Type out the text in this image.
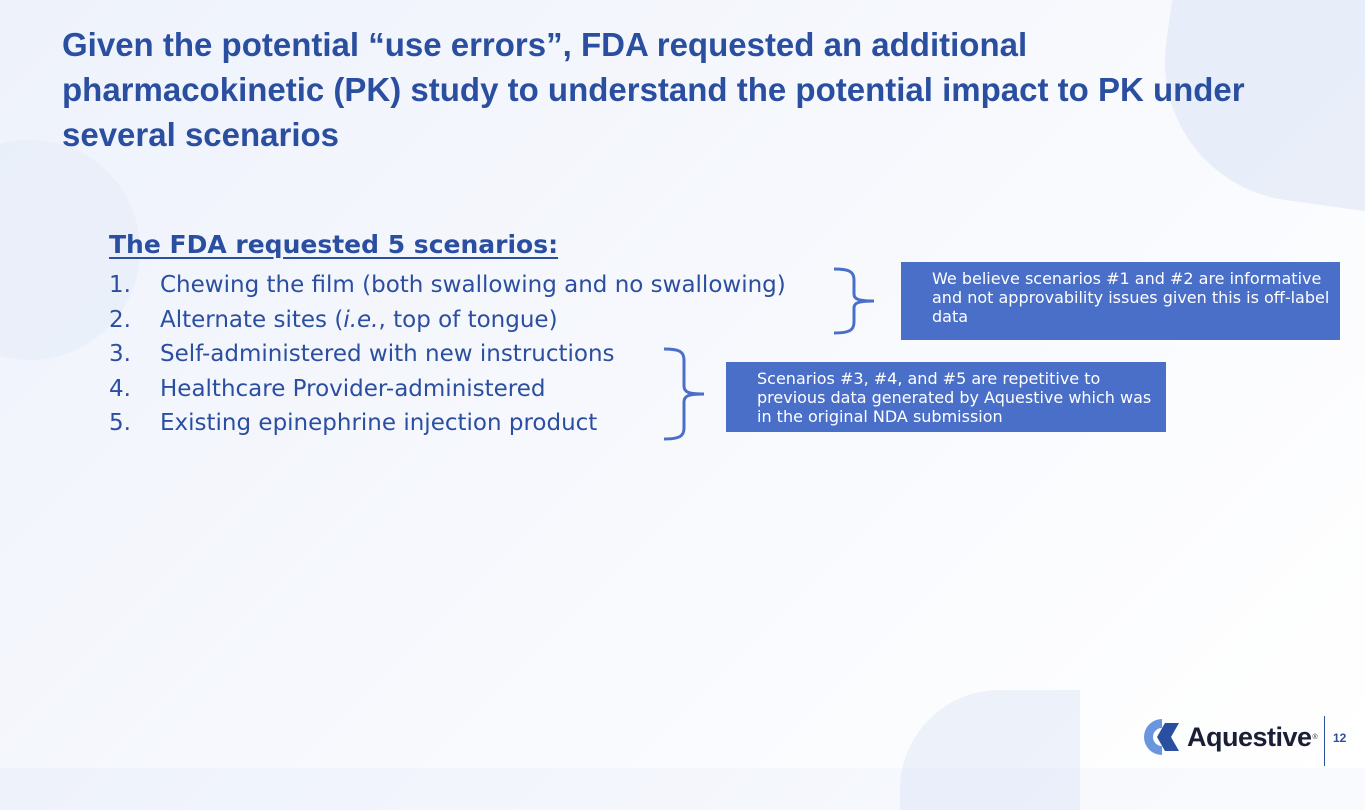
Given the potential “use errors”, FDA requested an additional pharmacokinetic (PK) study to understand the potential impact to PK under several scenarios
The FDA requested 5 scenarios:
1. Chewing the film (both swallowing and no swallowing)
2. Alternate sites (i.e., top of tongue)
3. Self-administered with new instructions
4. Healthcare Provider-administered
5. Existing epinephrine injection product
We believe scenarios #1 and #2 are informative and not approvability issues given this is off-label data
Scenarios #3, #4, and #5 are repetitive to previous data generated by Aquestive which was in the original NDA submission
Aquestive ® 12
